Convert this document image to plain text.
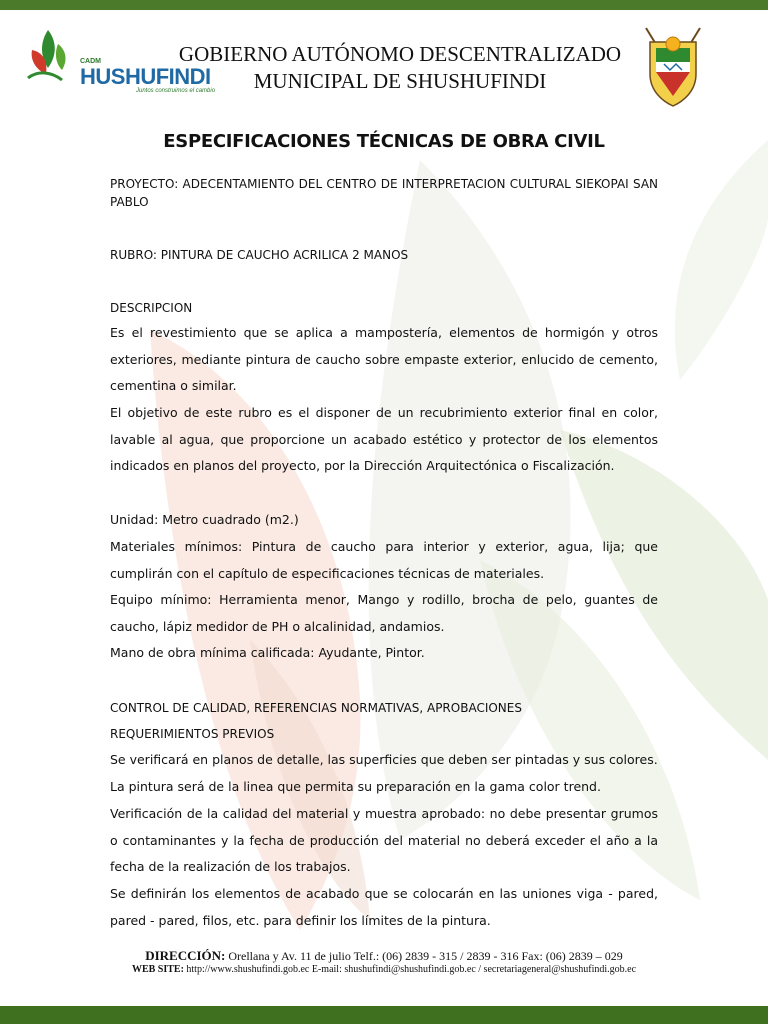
CADM
HUSHUFINDI
Juntos construimos el cambio
GOBIERNO AUTÓNOMO DESCENTRALIZADO
MUNICIPAL DE SHUSHUFINDI
ESPECIFICACIONES TÉCNICAS DE OBRA CIVIL
PROYECTO: ADECENTAMIENTO DEL CENTRO DE INTERPRETACION CULTURAL SIEKOPAI SAN PABLO
RUBRO: PINTURA DE CAUCHO ACRILICA 2 MANOS
DESCRIPCION
Es el revestimiento que se aplica a mampostería, elementos de hormigón y otros exteriores, mediante pintura de caucho sobre empaste exterior, enlucido de cemento, cementina o similar.
El objetivo de este rubro es el disponer de un recubrimiento exterior final en color, lavable al agua, que proporcione un acabado estético y protector de los elementos indicados en planos del proyecto, por la Dirección Arquitectónica o Fiscalización.
Unidad: Metro cuadrado (m2.)
Materiales mínimos: Pintura de caucho para interior y exterior, agua, lija; que cumplirán con el capítulo de especificaciones técnicas de materiales.
Equipo mínimo: Herramienta menor, Mango y rodillo, brocha de pelo, guantes de caucho, lápiz medidor de PH o alcalinidad, andamios.
Mano de obra mínima calificada: Ayudante, Pintor.
CONTROL DE CALIDAD, REFERENCIAS NORMATIVAS, APROBACIONES
REQUERIMIENTOS PREVIOS
Se verificará en planos de detalle, las superficies que deben ser pintadas y sus colores.
La pintura será de la linea que permita su preparación en la gama color trend.
Verificación de la calidad del material y muestra aprobado: no debe presentar grumos o contaminantes y la fecha de producción del material no deberá exceder el año a la fecha de la realización de los trabajos.
Se definirán los elementos de acabado que se colocarán en las uniones viga - pared, pared - pared, filos, etc. para definir los límites de la pintura.
DIRECCIÓN: Orellana y Av. 11 de julio Telf.: (06) 2839 - 315 / 2839 - 316 Fax: (06) 2839 – 029
WEB SITE: http://www.shushufindi.gob.ec E-mail: shushufindi@shushufindi.gob.ec / secretariageneral@shushufindi.gob.ec
